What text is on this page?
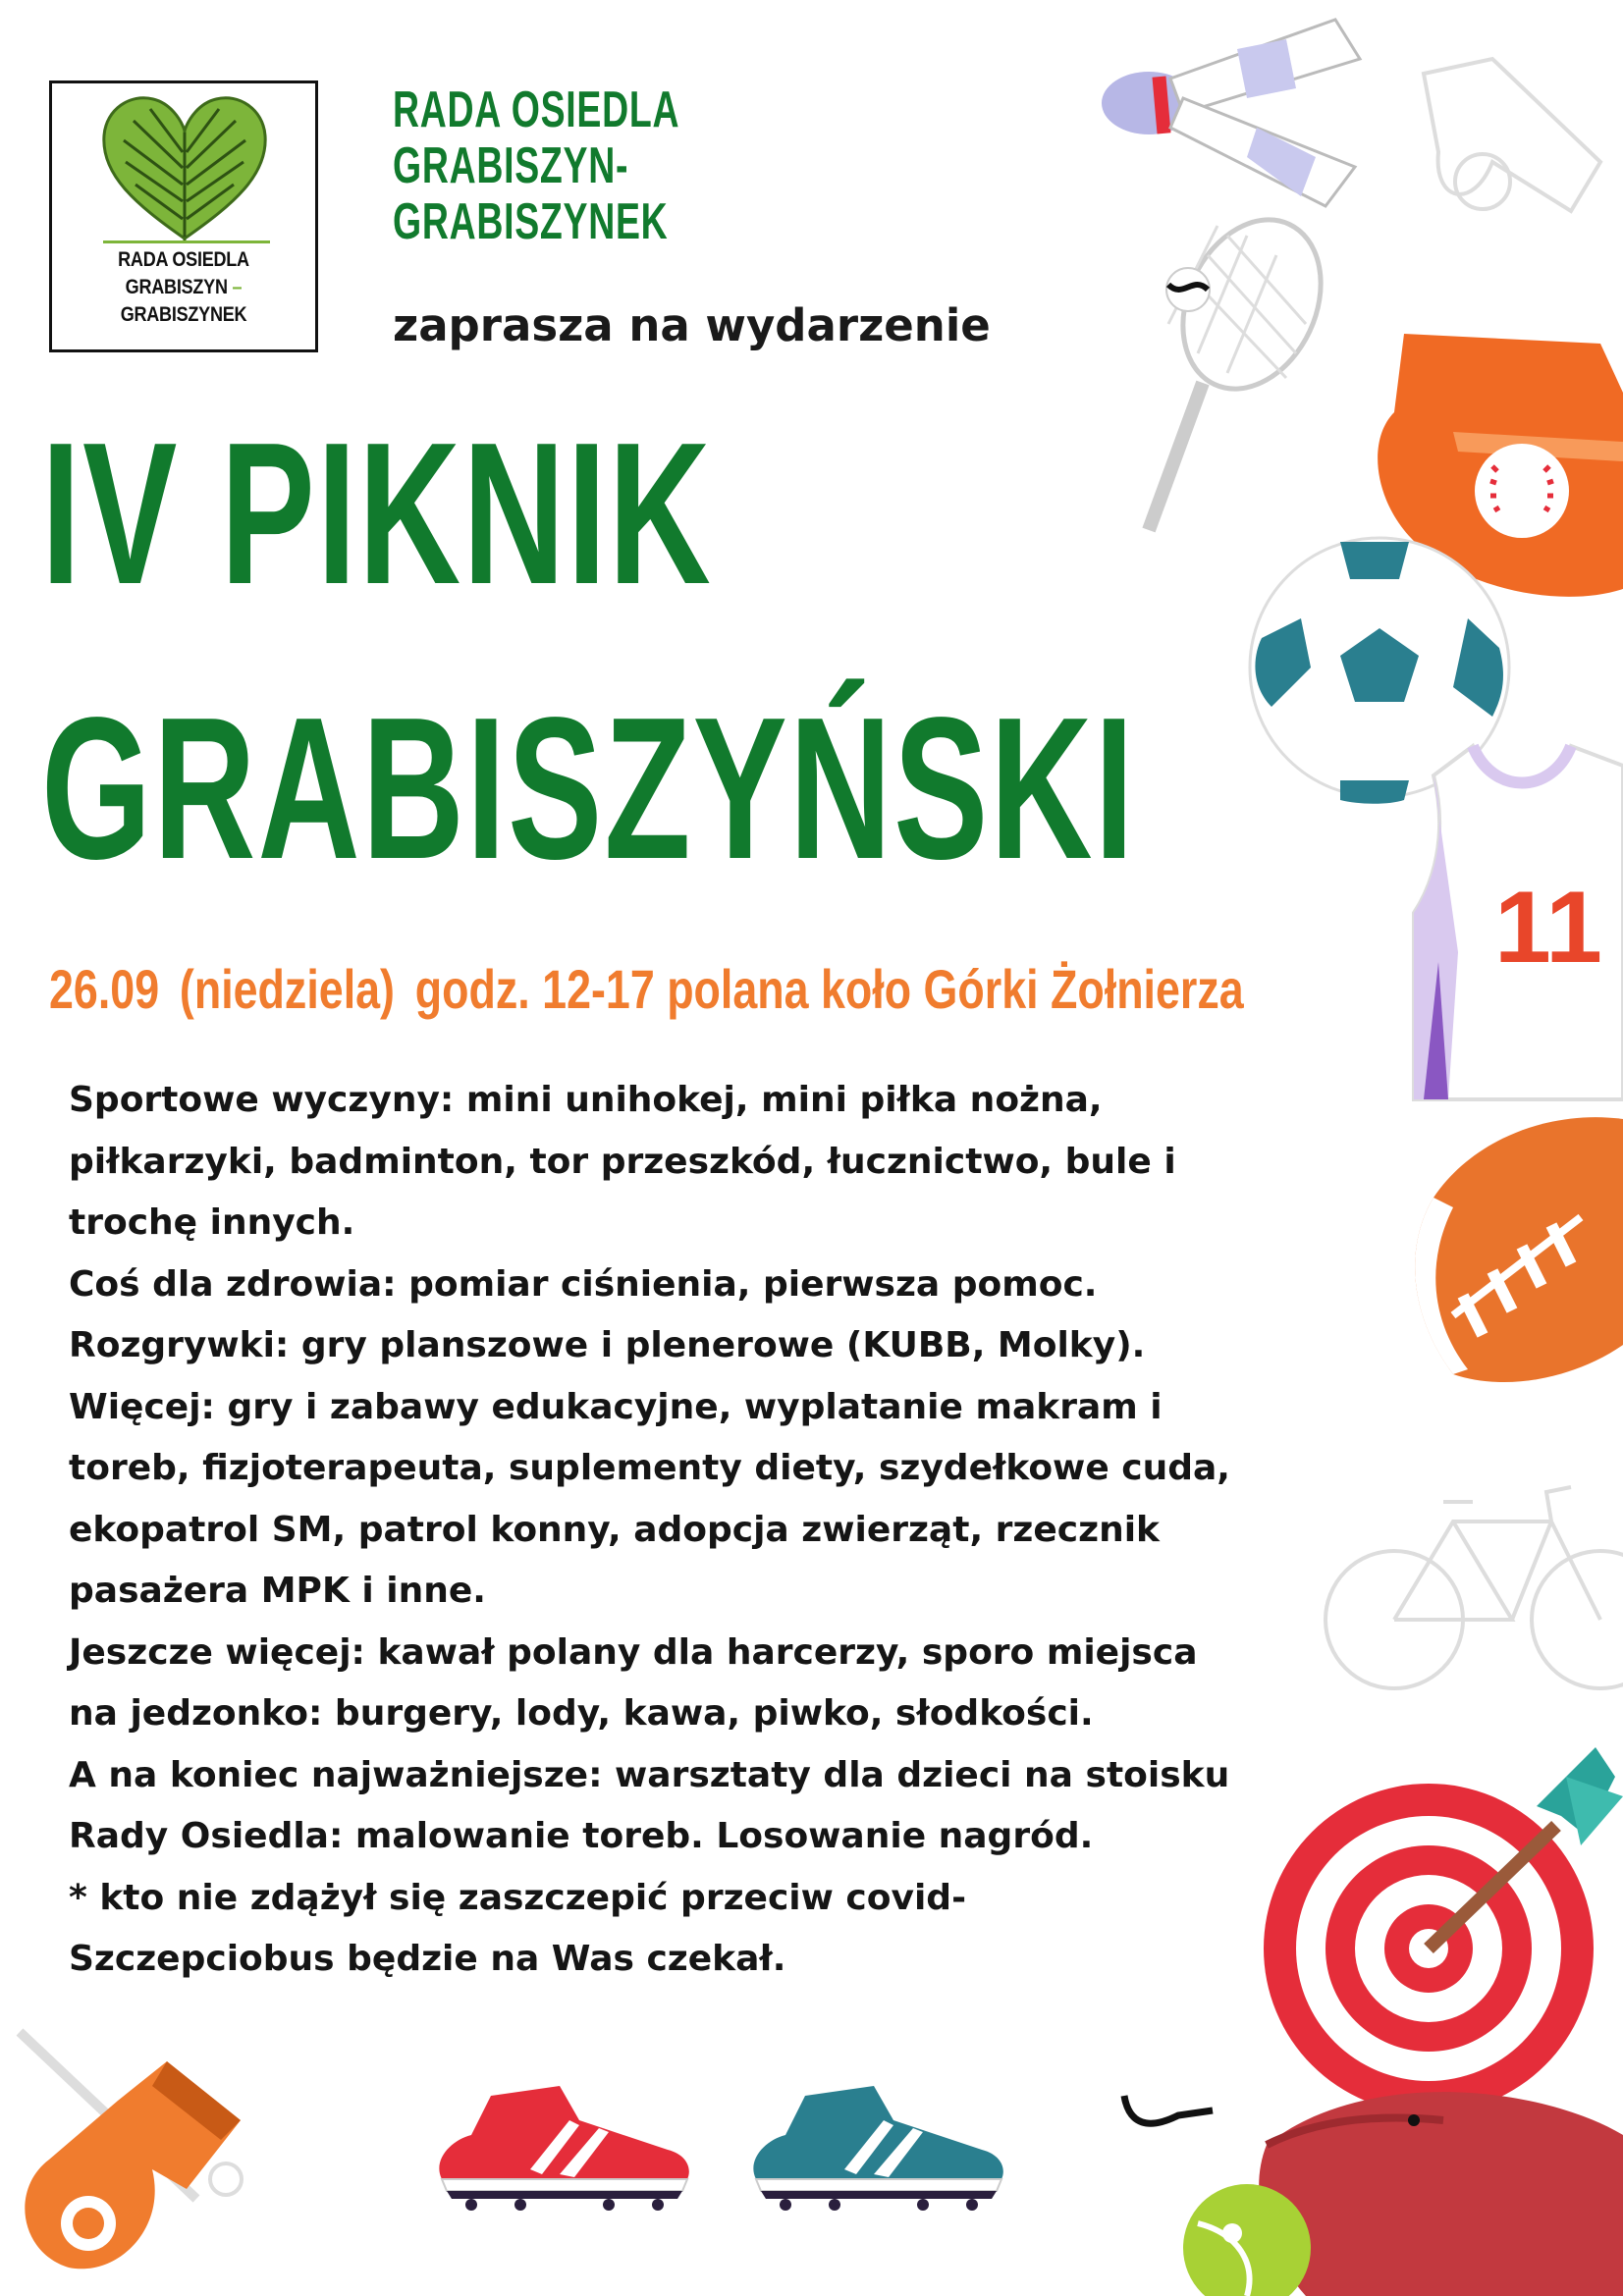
RADA OSIEDLA
GRABISZYN –
GRABISZYNEK
RADA OSIEDLA
GRABISZYN-
GRABISZYNEK
zaprasza na wydarzenie
IV PIKNIK
GRABISZYŃSKI
26.09 (niedziela) godz. 12-17 polana koło Górki Żołnierza
Sportowe wyczyny: mini unihokej, mini piłka nożna,
piłkarzyki, badminton, tor przeszkód, łucznictwo, bule i
trochę innych.
Coś dla zdrowia: pomiar ciśnienia, pierwsza pomoc.
Rozgrywki: gry planszowe i plenerowe (KUBB, Molky).
Więcej: gry i zabawy edukacyjne, wyplatanie makram i
toreb, fizjoterapeuta, suplementy diety, szydełkowe cuda,
ekopatrol SM, patrol konny, adopcja zwierząt, rzecznik
pasażera MPK i inne.
Jeszcze więcej: kawał polany dla harcerzy, sporo miejsca
na jedzonko: burgery, lody, kawa, piwko, słodkości.
A na koniec najważniejsze: warsztaty dla dzieci na stoisku
Rady Osiedla: malowanie toreb. Losowanie nagród.
* kto nie zdążył się zaszczepić przeciw covid-
Szczepciobus będzie na Was czekał.
11
